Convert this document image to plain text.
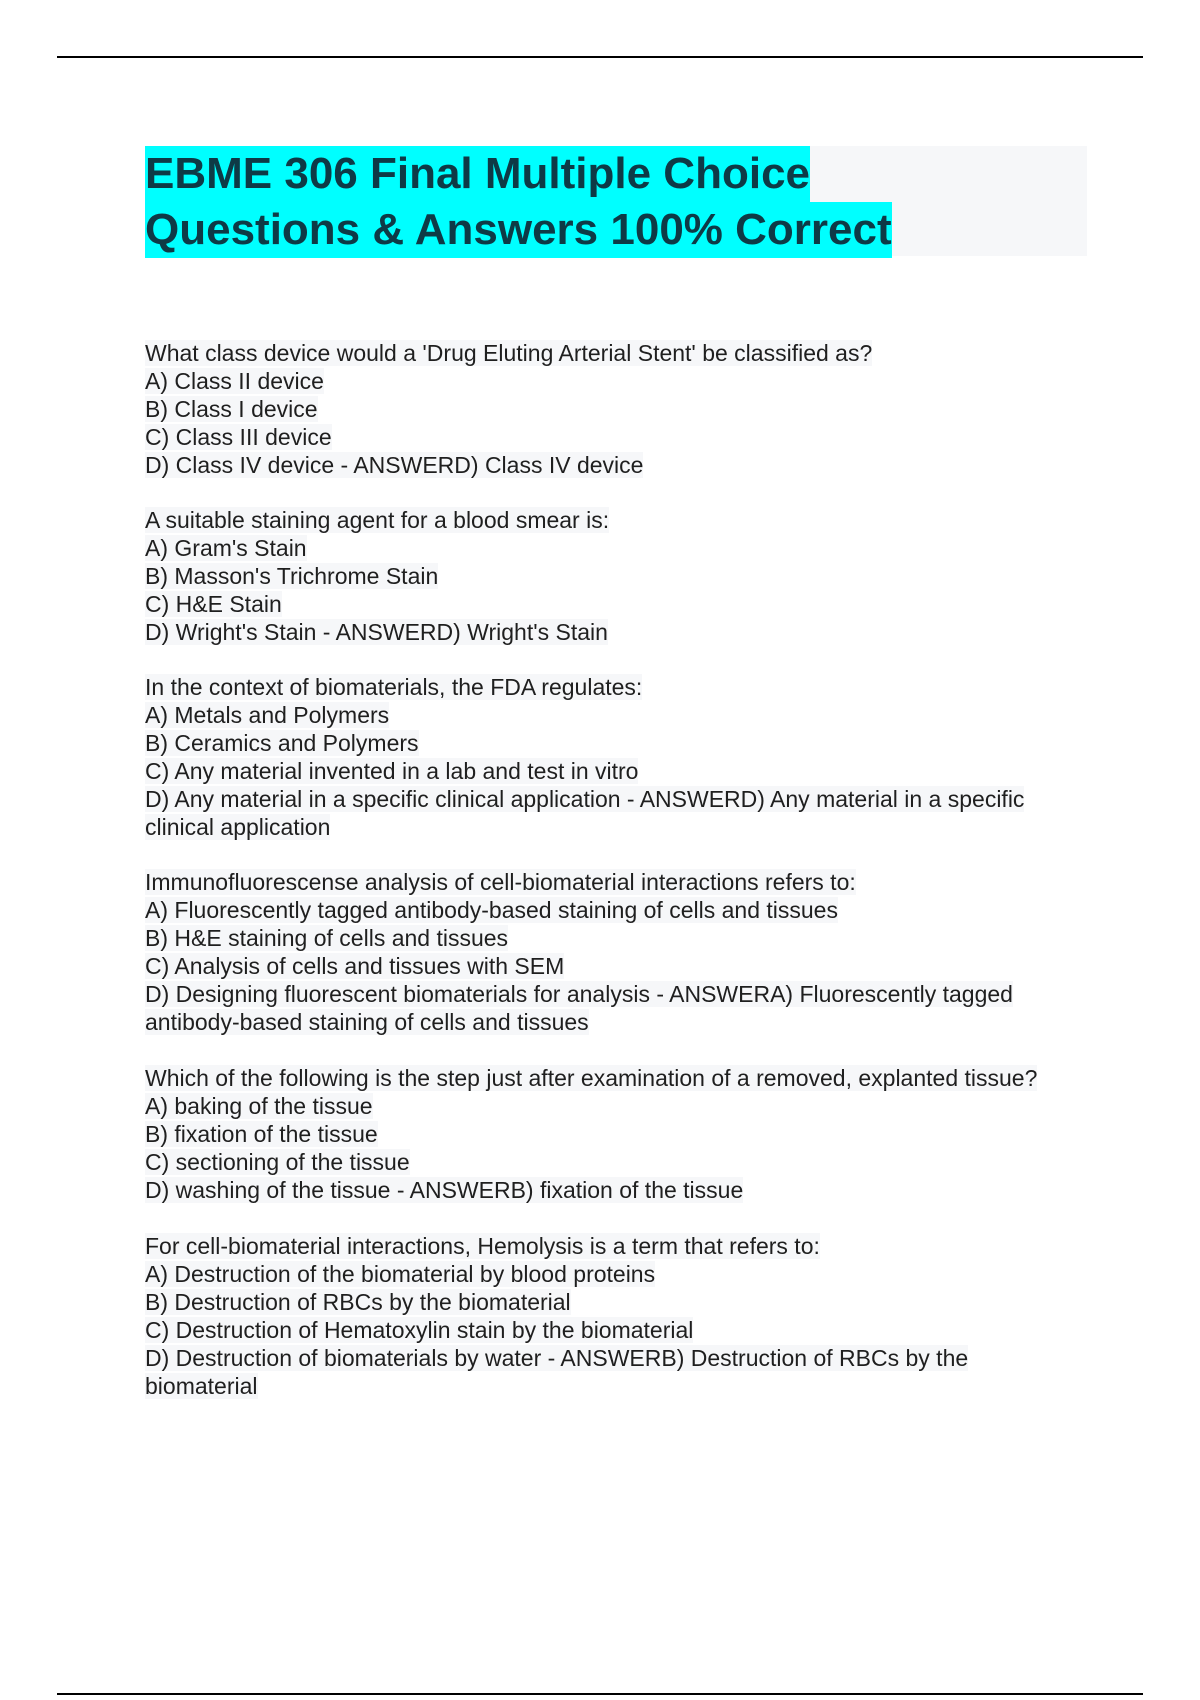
EBME 306 Final Multiple Choice
Questions & Answers 100% Correct
What class device would a 'Drug Eluting Arterial Stent' be classified as?
A) Class II device
B) Class I device
C) Class III device
D) Class IV device - ANSWERD) Class IV device
A suitable staining agent for a blood smear is:
A) Gram's Stain
B) Masson's Trichrome Stain
C) H&E Stain
D) Wright's Stain - ANSWERD) Wright's Stain
In the context of biomaterials, the FDA regulates:
A) Metals and Polymers
B) Ceramics and Polymers
C) Any material invented in a lab and test in vitro
D) Any material in a specific clinical application - ANSWERD) Any material in a specific
clinical application
Immunofluorescense analysis of cell-biomaterial interactions refers to:
A) Fluorescently tagged antibody-based staining of cells and tissues
B) H&E staining of cells and tissues
C) Analysis of cells and tissues with SEM
D) Designing fluorescent biomaterials for analysis - ANSWERA) Fluorescently tagged
antibody-based staining of cells and tissues
Which of the following is the step just after examination of a removed, explanted tissue?
A) baking of the tissue
B) fixation of the tissue
C) sectioning of the tissue
D) washing of the tissue - ANSWERB) fixation of the tissue
For cell-biomaterial interactions, Hemolysis is a term that refers to:
A) Destruction of the biomaterial by blood proteins
B) Destruction of RBCs by the biomaterial
C) Destruction of Hematoxylin stain by the biomaterial
D) Destruction of biomaterials by water - ANSWERB) Destruction of RBCs by the
biomaterial
